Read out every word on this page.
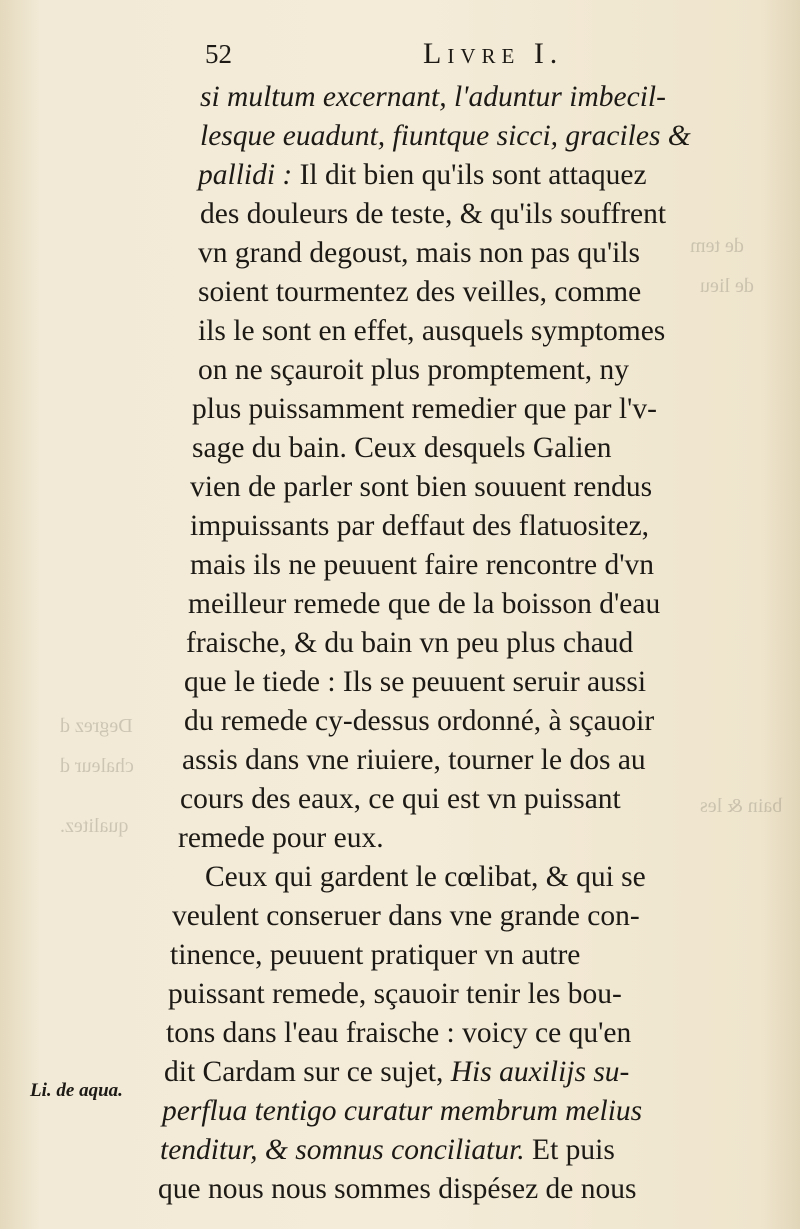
52	Livre I.
de tem
de lieu
Degrez d
chaleur d
bain & les
qualitez.
Li. de aqua.
si multum excernant, l'aduntur imbecil-
lesque euadunt, fiuntque sicci, graciles &
pallidi : Il dit bien qu'ils sont attaquez
des douleurs de teste, & qu'ils souffrent
vn grand degoust, mais non pas qu'ils
soient tourmentez des veilles, comme
ils le sont en effet, ausquels symptomes
on ne sçauroit plus promptement, ny
plus puissamment remedier que par l'v-
sage du bain. Ceux desquels Galien
vien de parler sont bien souuent rendus
impuissants par deffaut des flatuositez,
mais ils ne peuuent faire rencontre d'vn
meilleur remede que de la boisson d'eau
fraische, & du bain vn peu plus chaud
que le tiede : Ils se peuuent seruir aussi
du remede cy-dessus ordonné, à sçauoir
assis dans vne riuiere, tourner le dos au
cours des eaux, ce qui est vn puissant
remede pour eux.
Ceux qui gardent le cœlibat, & qui se
veulent conseruer dans vne grande con-
tinence, peuuent pratiquer vn autre
puissant remede, sçauoir tenir les bou-
tons dans l'eau fraische : voicy ce qu'en
dit Cardam sur ce sujet, His auxilijs su-
perflua tentigo curatur membrum melius
tenditur, & somnus conciliatur. Et puis
que nous nous sommes dispésez de nous
